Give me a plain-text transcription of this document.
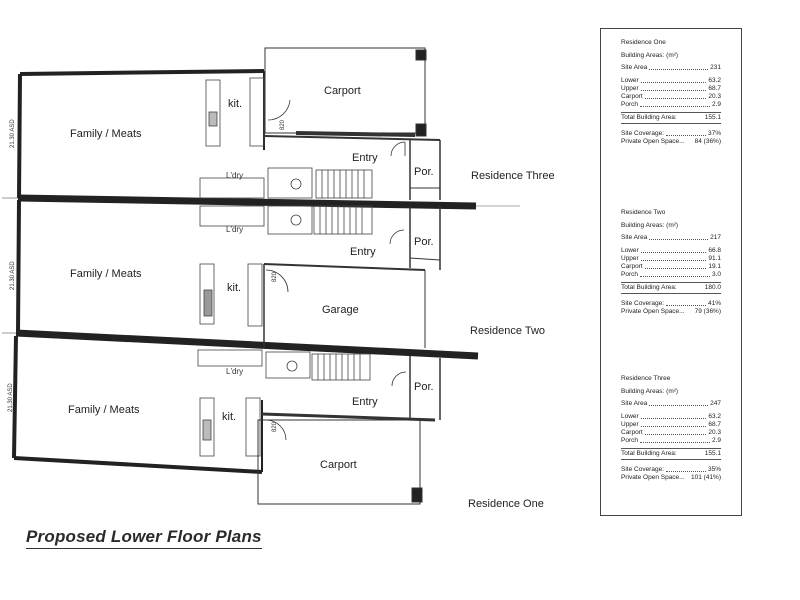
Family / Meats
Family / Meats
Family / Meats
kit.
kit.
kit.
L'dry
L'dry
L'dry
Carport
Carport
Garage
Entry
Entry
Entry
Por.
Por.
Por.
820
820
820
21.30 ASD
21.30 ASD
21.30 ASD
Residence Three
Residence Two
Residence One
Proposed Lower Floor Plans
Residence One
Building Areas: (m²)
Site Area	231
Lower	63.2
Upper	68.7
Carport	20.3
Porch	2.9
Total Building Area:	155.1
Site Coverage:	37%
Private Open Space... 84 (36%)
Residence Two
Building Areas: (m²)
Site Area	217
Lower	66.8
Upper	91.1
Carport	19.1
Porch	3.0
Total Building Area:	180.0
Site Coverage:	41%
Private Open Space... 79 (36%)
Residence Three
Building Areas: (m²)
Site Area	247
Lower	63.2
Upper	68.7
Carport	20.3
Porch	2.9
Total Building Area:	155.1
Site Coverage:	35%
Private Open Space... 101 (41%)
